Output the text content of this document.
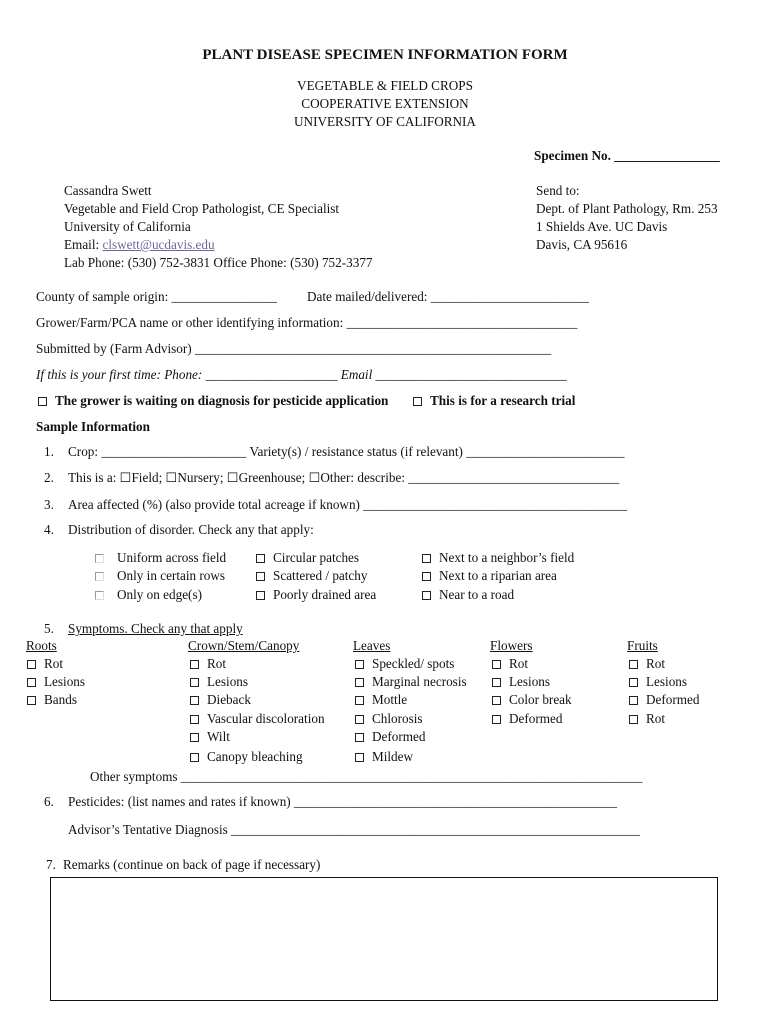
PLANT DISEASE SPECIMEN INFORMATION FORM
VEGETABLE & FIELD CROPS
COOPERATIVE EXTENSION
UNIVERSITY OF CALIFORNIA
Specimen No. ________________
Cassandra Swett
Vegetable and Field Crop Pathologist, CE Specialist
University of California
Email: clswett@ucdavis.edu
Lab Phone: (530) 752-3831 Office Phone: (530) 752-3377
Send to:
Dept. of Plant Pathology, Rm. 253
1 Shields Ave. UC Davis
Davis, CA 95616
County of sample origin: ________________ Date mailed/delivered: ________________________
Grower/Farm/PCA name or other identifying information: ___________________________________
Submitted by (Farm Advisor) ______________________________________________________
If this is your first time: Phone: ____________________ Email _____________________________
The grower is waiting on diagnosis for pesticide application	This is for a research trial
Sample Information
1. Crop: ______________________ Variety(s) / resistance status (if relevant) ________________________
2. This is a: ☐Field; ☐Nursery; ☐Greenhouse; ☐Other: describe: ________________________________
3. Area affected (%) (also provide total acreage if known) ________________________________________
4. Distribution of disorder. Check any that apply:
Uniform across field
Only in certain rows
Only on edge(s)
Circular patches
Scattered / patchy
Poorly drained area
Next to a neighbor’s field
Next to a riparian area
Near to a road
5. Symptoms. Check any that apply
Roots
Rot
Lesions
Bands
Crown/Stem/Canopy
Rot
Lesions
Dieback
Vascular discoloration
Wilt
Canopy bleaching
Leaves
Speckled/ spots
Marginal necrosis
Mottle
Chlorosis
Deformed
Mildew
Flowers
Rot
Lesions
Color break
Deformed
Fruits
Rot
Lesions
Deformed
Rot
Other symptoms ______________________________________________________________________
6. Pesticides: (list names and rates if known) _________________________________________________
Advisor’s Tentative Diagnosis ______________________________________________________________
7. Remarks (continue on back of page if necessary)
